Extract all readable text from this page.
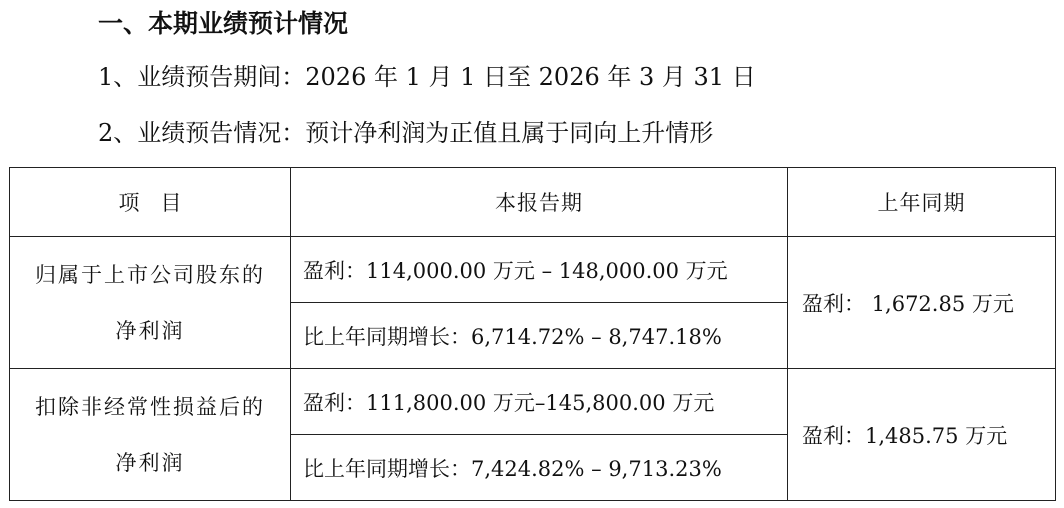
一、本期业绩预计情况
1、业绩预告期间：2026 年 1 月 1 日至 2026 年 3 月 31 日
2、业绩预告情况：预计净利润为正值且属于同向上升情形
项　目	本报告期	上年同期

归属于上市公司股东的
净利润	盈利：114,000.00 万元 – 148,000.00 万元	盈利： 1,672.85 万元
	比上年同期增长：6,714.72% – 8,747.18%	

扣除非经常性损益后的
净利润	盈利：111,800.00 万元–145,800.00 万元	盈利：1,485.75 万元
	比上年同期增长：7,424.82% – 9,713.23%	
